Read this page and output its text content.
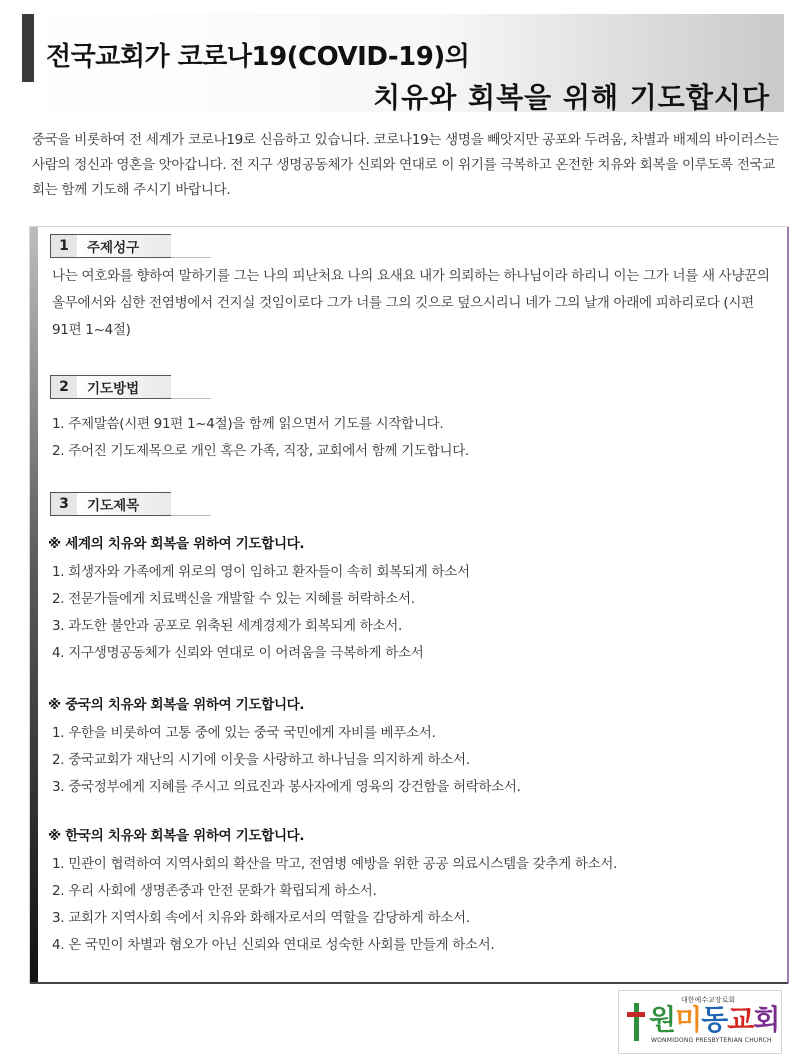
전국교회가 코로나19(COVID-19)의
치유와 회복을 위해 기도합시다
중국을 비롯하여 전 세계가 코로나19로 신음하고 있습니다. 코로나19는 생명을 빼앗지만 공포와 두려움, 차별과 배제의 바이러스는 사람의 정신과 영혼을 앗아갑니다. 전 지구 생명공동체가 신뢰와 연대로 이 위기를 극복하고 온전한 치유와 회복을 이루도록 전국교회는 함께 기도해 주시기 바랍니다.
1	주제성구
나는 여호와를 향하여 말하기를 그는 나의 피난처요 나의 요새요 내가 의뢰하는 하나님이라 하리니 이는 그가 너를 새 사냥꾼의 올무에서와 심한 전염병에서 건지실 것임이로다 그가 너를 그의 깃으로 덮으시리니 네가 그의 날개 아래에 피하리로다 (시편 91편 1~4절)
2	기도방법
1. 주제말씀(시편 91편 1~4절)을 함께 읽으면서 기도를 시작합니다.
2. 주어진 기도제목으로 개인 혹은 가족, 직장, 교회에서 함께 기도합니다.
3	기도제목
※ 세계의 치유와 회복을 위하여 기도합니다.
1. 희생자와 가족에게 위로의 영이 임하고 환자들이 속히 회복되게 하소서
2. 전문가들에게 치료백신을 개발할 수 있는 지혜를 허락하소서.
3. 과도한 불안과 공포로 위축된 세계경제가 회복되게 하소서.
4. 지구생명공동체가 신뢰와 연대로 이 어려움을 극복하게 하소서
※ 중국의 치유와 회복을 위하여 기도합니다.
1. 우한을 비롯하여 고통 중에 있는 중국 국민에게 자비를 베푸소서.
2. 중국교회가 재난의 시기에 이웃을 사랑하고 하나님을 의지하게 하소서.
3. 중국정부에게 지혜를 주시고 의료진과 봉사자에게 영육의 강건함을 허락하소서.
※ 한국의 치유와 회복을 위하여 기도합니다.
1. 민관이 협력하여 지역사회의 확산을 막고, 전염병 예방을 위한 공공 의료시스템을 갖추게 하소서.
2. 우리 사회에 생명존중과 안전 문화가 확립되게 하소서.
3. 교회가 지역사회 속에서 치유와 화해자로서의 역할을 감당하게 하소서.
4. 온 국민이 차별과 혐오가 아닌 신뢰와 연대로 성숙한 사회를 만들게 하소서.
대한예수교장로회
원미동교회
WONMIDONG PRESBYTERIAN CHURCH
